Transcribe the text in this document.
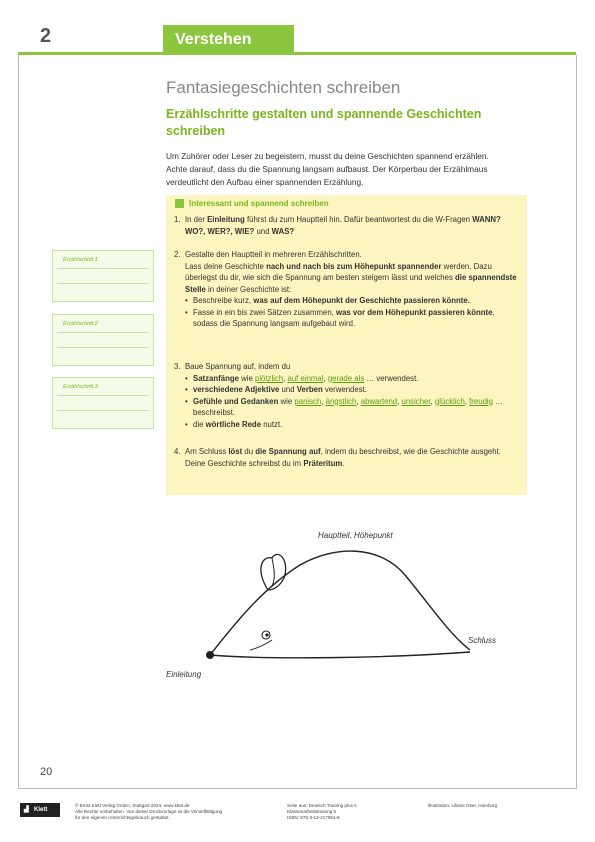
2	Verstehen
Fantasiegeschichten schreiben
Erzählschritte gestalten und spannende Geschichten schreiben
Um Zuhörer oder Leser zu begeistern, musst du deine Geschichten spannend erzählen. Achte darauf, dass du die Spannung langsam aufbaust. Der Körperbau der Erzählmaus verdeutlicht den Aufbau einer spannenden Erzählung.
Interessant und spannend schreiben
1. In der Einleitung führst du zum Hauptteil hin. Dafür beantwortest du die W-Fragen WANN? WO?, WER?, WIE? und WAS?
2. Gestalte den Hauptteil in mehreren Erzählschritten.
Lass deine Geschichte nach und nach bis zum Höhepunkt spannender werden. Dazu überlegst du dir, wie sich die Spannung am besten steigern lässt und welches die spannendste Stelle in deiner Geschichte ist:
• Beschreibe kurz, was auf dem Höhepunkt der Geschichte passieren könnte.
• Fasse in ein bis zwei Sätzen zusammen, was vor dem Höhepunkt passieren könnte, sodass die Spannung langsam aufgebaut wird.
3. Baue Spannung auf, indem du
• Satzanfänge wie plötzlich, auf einmal, gerade als … verwendest.
• verschiedene Adjektive und Verben verwendest.
• Gefühle und Gedanken wie panisch, ängstlich, abwartend, unsicher, glücklich, freudig … beschreibst.
• die wörtliche Rede nutzt.
4. Am Schluss löst du die Spannung auf, indem du beschreibst, wie die Geschichte ausgeht.
Deine Geschichte schreibst du im Präteritum.
Erzählschritt 1
Erzählschritt 2
Erzählschritt 3
Hauptteil, Höhepunkt
Schluss
Einleitung
20
▟ Klett
© Ernst Klett Verlag GmbH, Stuttgart 2024, www.klett.de
Alle Rechte vorbehalten. Von dieser Druckvorlage ist die Vervielfältigung
für den eigenen Unterrichtsgebrauch gestattet.
Seite aus: Deutsch Training plus 5
Klassenarbeitstraining 5
ISBN: 978-3-12-217961-8
Illustration: Liliane Oser, Hamburg
